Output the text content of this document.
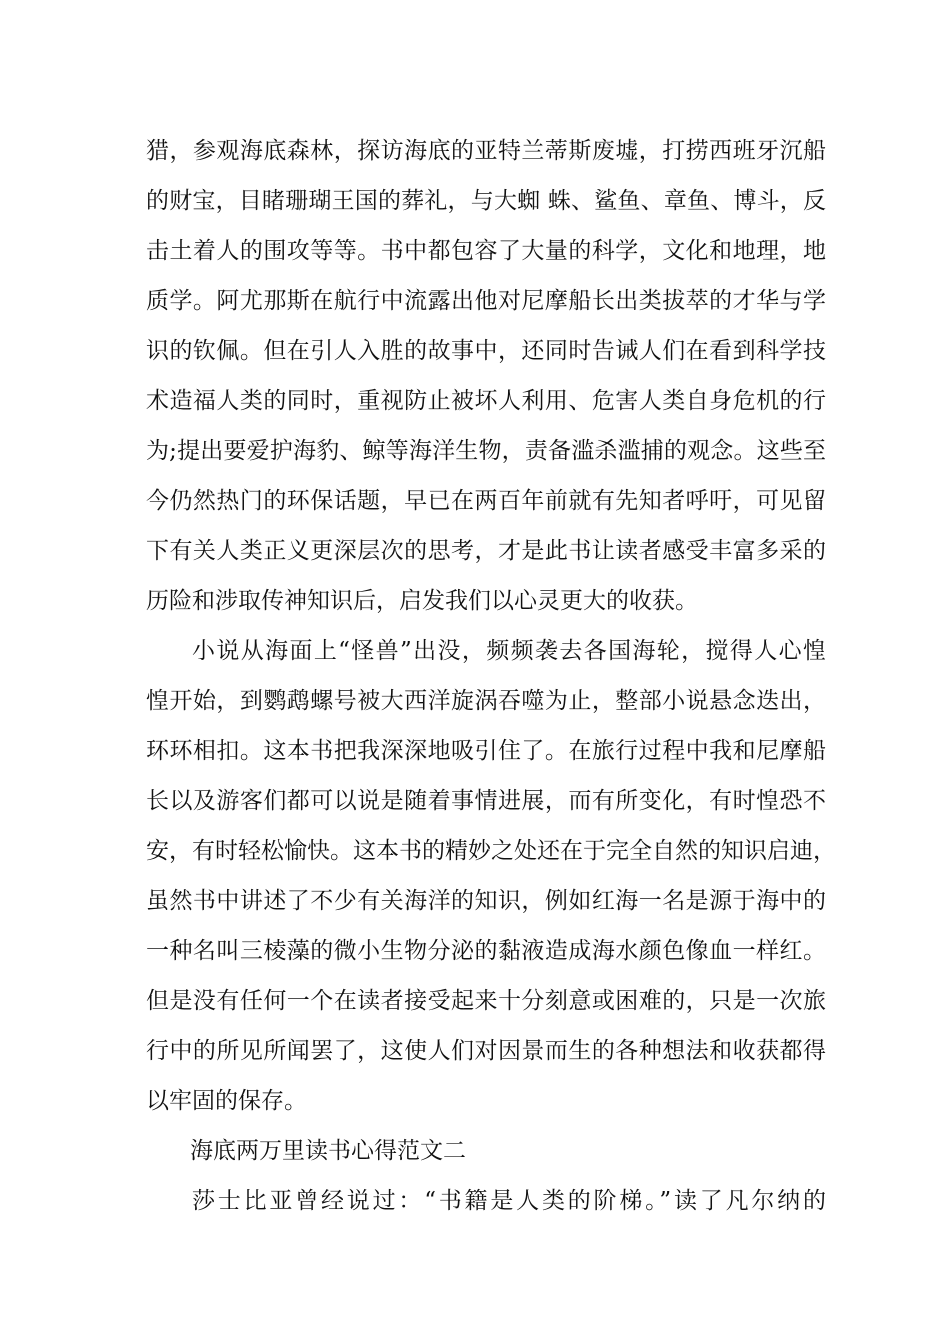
猎，参观海底森林，探访海底的亚特兰蒂斯废墟，打捞西班牙沉船
的财宝，目睹珊瑚王国的葬礼，与大蜘 蛛、鲨鱼、章鱼、博斗，反
击土着人的围攻等等。书中都包容了大量的科学，文化和地理，地
质学。阿尤那斯在航行中流露出他对尼摩船长出类拔萃的才华与学
识的钦佩。但在引人入胜的故事中，还同时告诫人们在看到科学技
术造福人类的同时，重视防止被坏人利用、危害人类自身危机的行
为;提出要爱护海豹、鲸等海洋生物，责备滥杀滥捕的观念。这些至
今仍然热门的环保话题，早已在两百年前就有先知者呼吁，可见留
下有关人类正义更深层次的思考，才是此书让读者感受丰富多采的
历险和涉取传神知识后，启发我们以心灵更大的收获。
小说从海面上“怪兽”出没，频频袭去各国海轮，搅得人心惶
惶开始，到鹦鹉螺号被大西洋旋涡吞噬为止，整部小说悬念迭出，
环环相扣。这本书把我深深地吸引住了。在旅行过程中我和尼摩船
长以及游客们都可以说是随着事情进展，而有所变化，有时惶恐不
安，有时轻松愉快。这本书的精妙之处还在于完全自然的知识启迪，
虽然书中讲述了不少有关海洋的知识，例如红海一名是源于海中的
一种名叫三棱藻的微小生物分泌的黏液造成海水颜色像血一样红。
但是没有任何一个在读者接受起来十分刻意或困难的，只是一次旅
行中的所见所闻罢了，这使人们对因景而生的各种想法和收获都得
以牢固的保存。
海底两万里读书心得范文二
莎士比亚曾经说过：“书籍是人类的阶梯。”读了凡尔纳的
